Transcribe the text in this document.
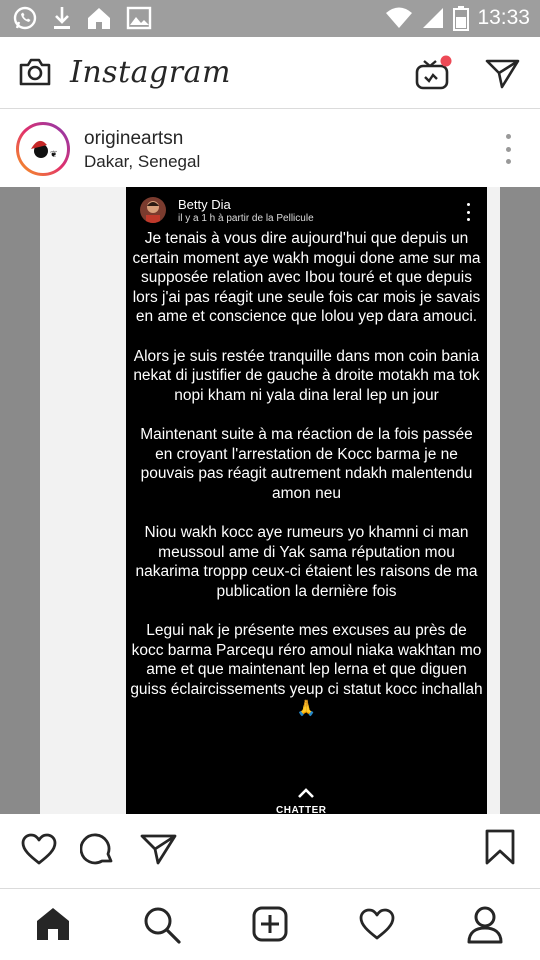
13:33
Instagram
❦
origineartsn
Dakar, Senegal
Betty Dia
il y a 1 h à partir de la Pellicule

Je tenais à vous dire aujourd'hui que depuis un certain moment aye wakh mogui done ame sur ma supposée relation avec Ibou touré et que depuis lors j'ai pas réagit une seule fois car mois je savais en ame et conscience que lolou yep dara amouci.

Alors je suis restée tranquille dans mon coin bania nekat di justifier de gauche à droite motakh ma tok nopi kham ni yala dina leral lep un jour

Maintenant suite à ma réaction de la fois passée en croyant l'arrestation de Kocc barma je ne pouvais pas réagit autrement ndakh malentendu amon neu

Niou wakh kocc aye rumeurs yo khamni ci man meussoul ame di Yak sama réputation mou nakarima troppp ceux-ci étaient les raisons de ma publication la dernière fois

Legui nak je présente mes excuses au près de kocc barma Parcequ réro amoul niaka wakhtan mo ame et que maintenant lep lerna et que diguen guiss éclaircissements yeup ci statut kocc inchallah 🙏

CHATTER
